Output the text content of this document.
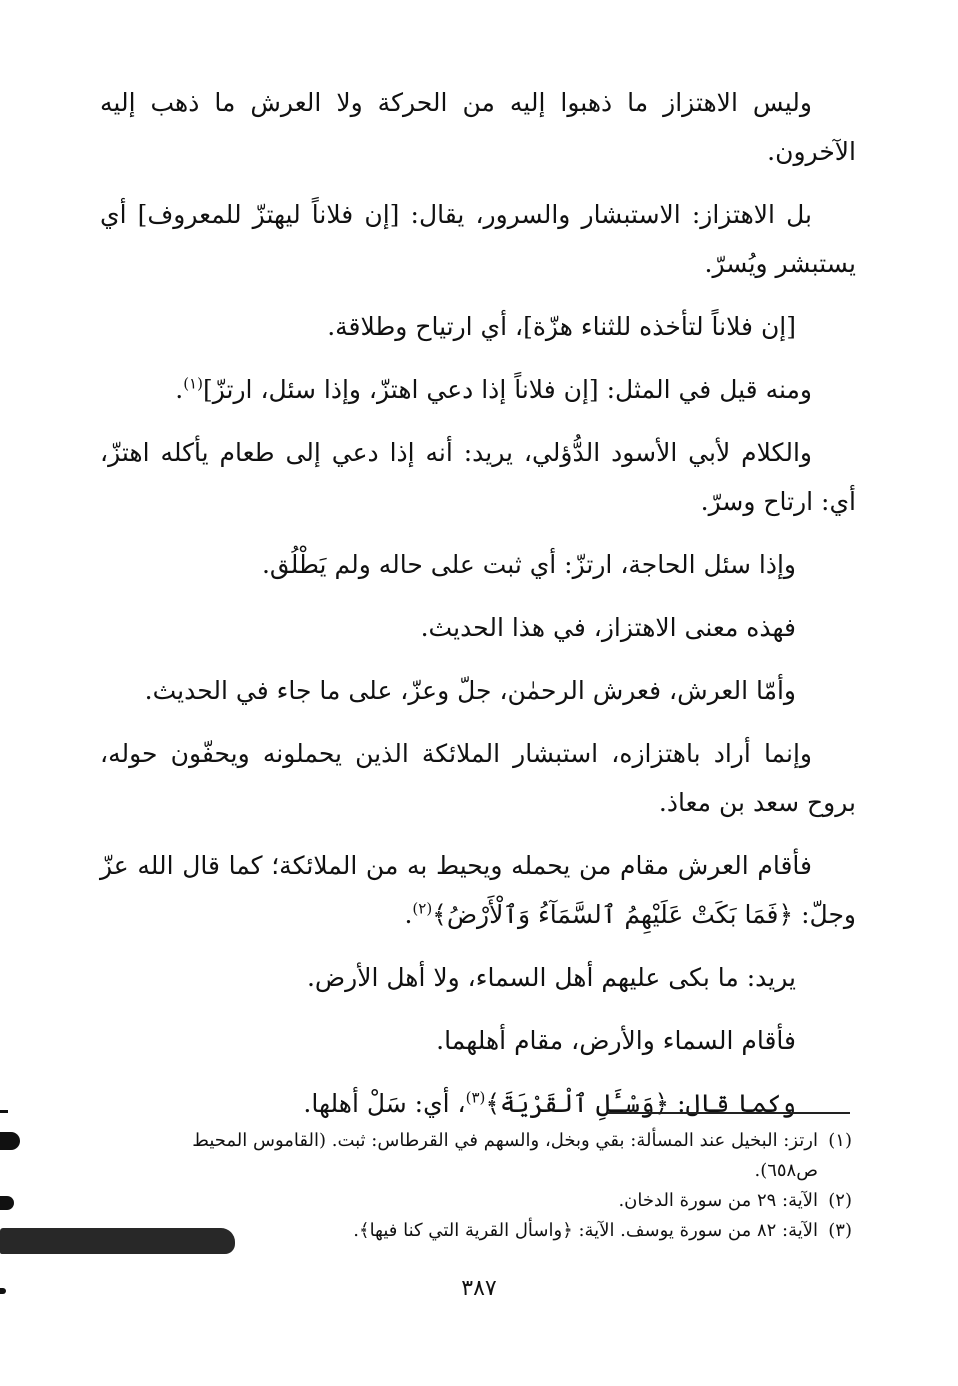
وليس الاهتزاز ما ذهبوا إليه من الحركة ولا العرش ما ذهب إليه الآخرون.

بل الاهتزاز: الاستبشار والسرور، يقال: [إن فلاناً ليهتزّ للمعروف] أي يستبشر ويُسرّ.

[إن فلاناً لتأخذه للثناء هزّة]، أي ارتياح وطلاقة.

ومنه قيل في المثل: [إن فلاناً إذا دعي اهتزّ، وإذا سئل، ارتزّ]$^{(١)}$.

والكلام لأبي الأسود الدُّؤلي، يريد: أنه إذا دعي إلى طعام يأكله اهتزّ، أي: ارتاح وسرّ.

وإذا سئل الحاجة، ارتزّ: أي ثبت على حاله ولم يَطْلُق.

فهذه معنى الاهتزاز، في هذا الحديث.

وأمّا العرش، فعرش الرحمٰن، جلّ وعزّ، على ما جاء في الحديث.

وإنما أراد باهتزازه، استبشار الملائكة الذين يحملونه ويحفّون حوله، بروح سعد بن معاذ.

فأقام العرش مقام من يحمله ويحيط به من الملائكة؛ كما قال الله عزّ وجلّ: ﴿فَمَا بَكَتْ عَلَيْهِمُ ٱلسَّمَآءُ وَٱلْأَرْضُ﴾$^{(٢)}$.

يريد: ما بكى عليهم أهل السماء، ولا أهل الأرض.

فأقام السماء والأرض، مقام أهلهما.

وكما قال: ﴿وَسْـَٔلِ ٱلْقَرْيَةَ﴾$^{(٣)}$، أي: سَلْ أهلها.

(١)ارتز: البخيل عند المسألة: بقي وبخل، والسهم في القرطاس: ثبت. (القاموس المحيط

ص٦٥٨).

(٢)الآية: ٢٩ من سورة الدخان.

(٣)الآية: ٨٢ من سورة يوسف. الآية: ﴿واسأل القرية التي كنا فيها﴾.

٣٨٧
